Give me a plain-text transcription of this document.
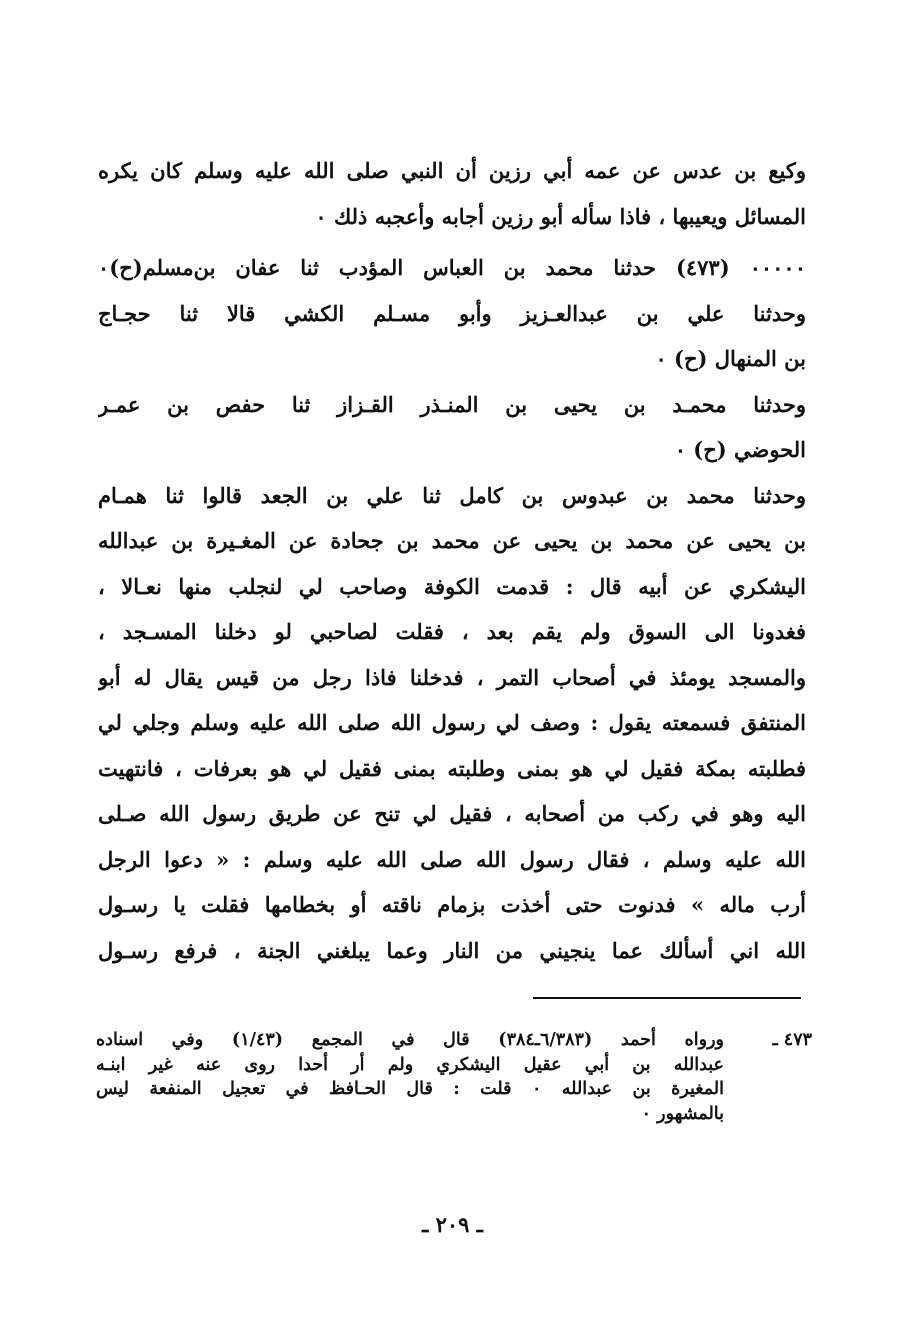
وكيع بن عدس عن عمه أبي رزين أن النبي صلى الله عليه وسلم كان يكره
المسائل ويعيبها ، فاذا سأله أبو رزين أجابه وأعجبه ذلك ٠
٠٠٠٠٠ (٤٧٣) حدثنا محمد بن العباس المؤدب ثنا عفان بن‌مسلم(ح)٠
وحدثنا علي بن عبدالعـزيز وأبو مسـلم الكشي قالا ثنا حجـاج
بن المنهال (ح) ٠
وحدثنا محمـد بن يحيى بن المنـذر القـزاز ثنا حفص بن عمـر
الحوضي (ح) ٠
وحدثنا محمد بن عبدوس بن كامل ثنا علي بن الجعد قالوا ثنا همـام
بن يحيى عن محمد بن يحيى عن محمد بن جحادة عن المغـيرة بن عبدالله
اليشكري عن أبيه قال : قدمت الكوفة وصاحب لي لنجلب منها نعـالا ،
فغدونا الى السوق ولم يقم بعد ، فقلت لصاحبي لو دخلنا المسـجد ،
والمسجد يومئذ في أصحاب التمر ، فدخلنا فاذا رجل من قيس يقال له أبو
المنتفق فسمعته يقول : وصف لي رسول الله صلى الله عليه وسلم وجلي لي
فطلبته بمكة فقيل لي هو بمنى وطلبته بمنى فقيل لي هو بعرفات ، فانتهيت
اليه وهو في ركب من أصحابه ، فقيل لي تنح عن طريق رسول الله صـلى
الله عليه وسلم ، فقال رسول الله صلى الله عليه وسلم : « دعوا الرجل
أرب ماله » فدنوت حتى أخذت بزمام ناقته أو بخطامها فقلت يا رسـول
الله اني أسألك عما ينجيني من النار وعما يبلغني الجنة ، فرفع رسـول
٤٧٣ ـ
ورواه أحمد (٦/٣٨٣ـ٣٨٤) قال في المجمع (١/٤٣) وفي اسناده
عبدالله بن أبي عقيل اليشكري ولم أر أحدا روى عنه غير ابنـه
المغيرة بن عبدالله ٠ قلت : قال الحـافظ في تعجيل المنفعة ليس
بالمشهور ٠
ـ ٢٠٩ ـ
